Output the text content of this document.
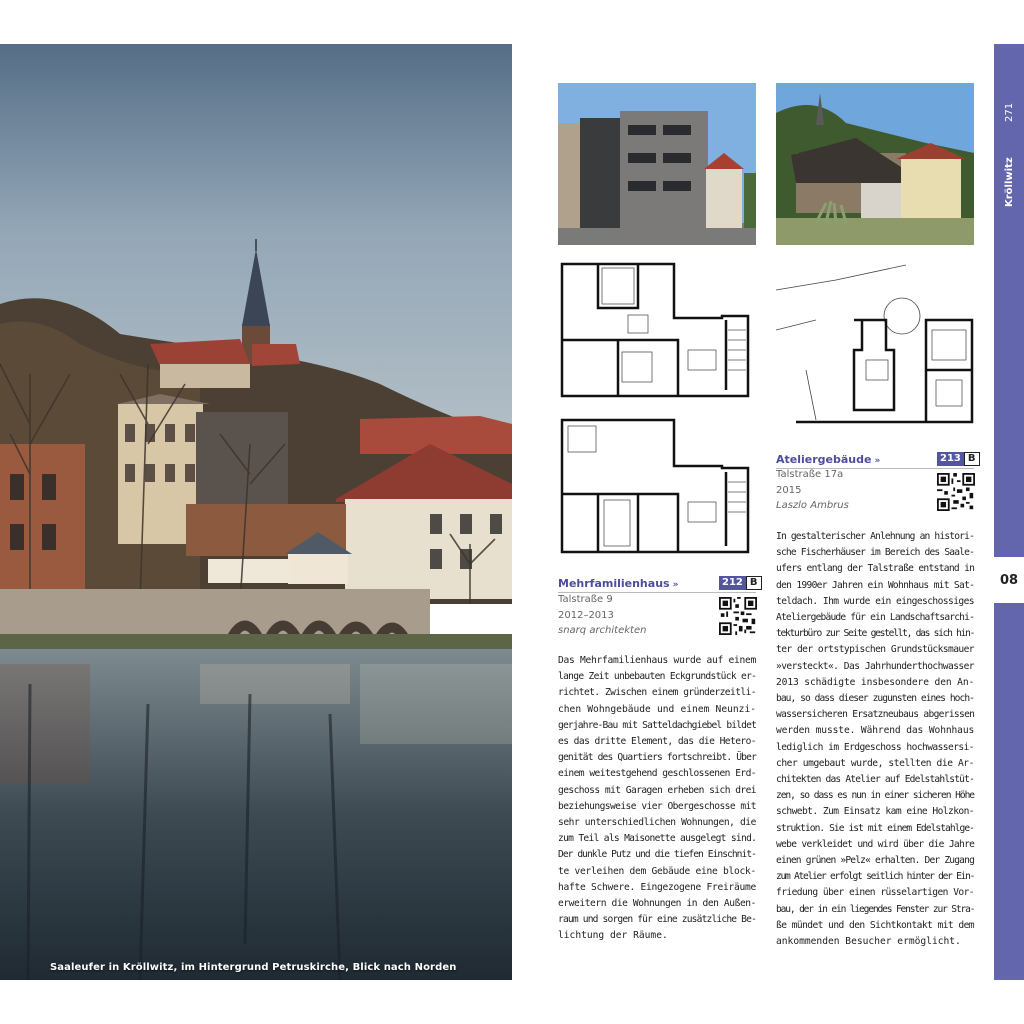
Saaleufer in Kröllwitz, im Hintergrund Petruskirche, Blick nach Norden
271
Kröllwitz
08
Mehrfamilienhaus »	212 B
Talstraße 9
2012–2013
snarq architekten
Das Mehrfamilienhaus wurde auf einem
lange Zeit unbebauten Eckgrundstück er-
richtet. Zwischen einem gründerzeitli-
chen Wohngebäude und einem Neunzi-
gerjahre-Bau mit Satteldachgiebel bildet
es das dritte Element, das die Hetero-
genität des Quartiers fortschreibt. Über
einem weitestgehend geschlossenen Erd-
geschoss mit Garagen erheben sich drei
beziehungsweise vier Obergeschosse mit
sehr unterschiedlichen Wohnungen, die
zum Teil als Maisonette ausgelegt sind.
Der dunkle Putz und die tiefen Einschnit-
te verleihen dem Gebäude eine block-
hafte Schwere. Eingezogene Freiräume
erweitern die Wohnungen in den Außen-
raum und sorgen für eine zusätzliche Be-
lichtung der Räume.
Ateliergebäude »	213 B
Talstraße 17a
2015
Laszlo Ambrus
In gestalterischer Anlehnung an histori-
sche Fischerhäuser im Bereich des Saale-
ufers entlang der Talstraße entstand in
den 1990er Jahren ein Wohnhaus mit Sat-
teldach. Ihm wurde ein eingeschossiges
Ateliergebäude für ein Landschaftsarchi-
tekturbüro zur Seite gestellt, das sich hin-
ter der ortstypischen Grundstücksmauer
»versteckt«. Das Jahrhunderthochwasser
2013 schädigte insbesondere den An-
bau, so dass dieser zugunsten eines hoch-
wassersicheren Ersatzneubaus abgerissen
werden musste. Während das Wohnhaus
lediglich im Erdgeschoss hochwassersi-
cher umgebaut wurde, stellten die Ar-
chitekten das Atelier auf Edelstahlstüt-
zen, so dass es nun in einer sicheren Höhe
schwebt. Zum Einsatz kam eine Holzkon-
struktion. Sie ist mit einem Edelstahlge-
webe verkleidet und wird über die Jahre
einen grünen »Pelz« erhalten. Der Zugang
zum Atelier erfolgt seitlich hinter der Ein-
friedung über einen rüsselartigen Vor-
bau, der in ein liegendes Fenster zur Stra-
ße mündet und den Sichtkontakt mit dem
ankommenden Besucher ermöglicht.
